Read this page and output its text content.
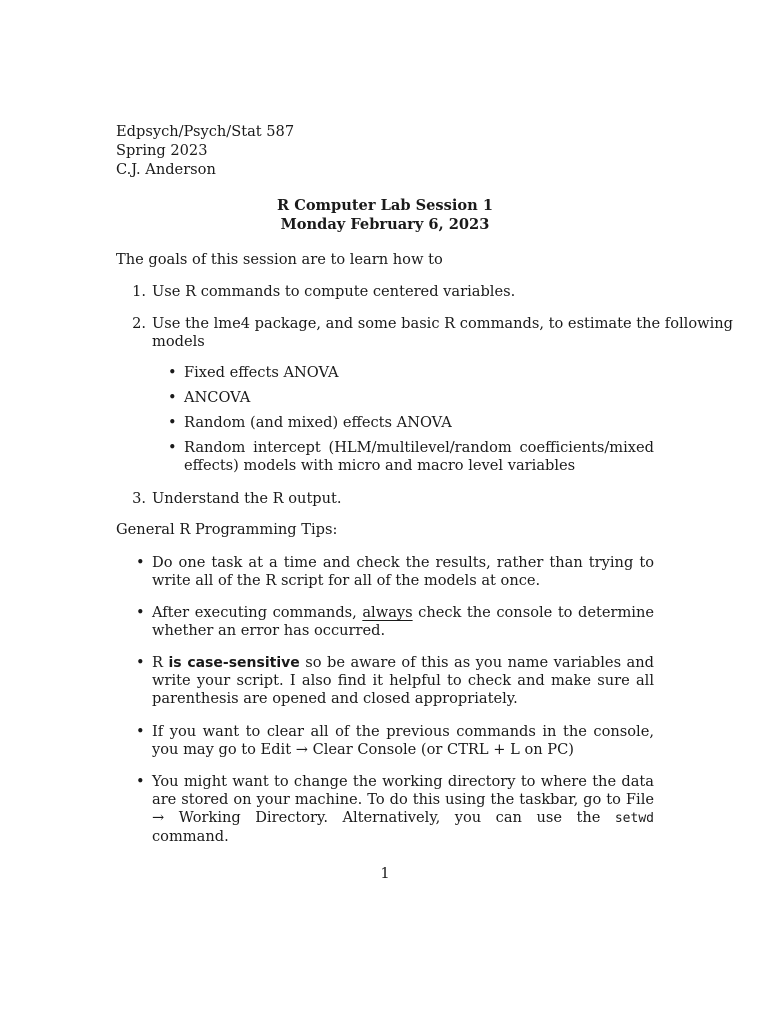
Edpsych/Psych/Stat 587
Spring 2023
C.J. Anderson
R Computer Lab Session 1
Monday February 6, 2023
The goals of this session are to learn how to
1. Use R commands to compute centered variables.
2. Use the lme4 package, and some basic R commands, to estimate the following
models
Fixed effects ANOVA
ANCOVA
Random (and mixed) effects ANOVA
Random intercept (HLM/multilevel/random coefficients/mixed effects) models with micro and macro level variables
3. Understand the R output.
General R Programming Tips:
Do one task at a time and check the results, rather than trying to write all of the R script for all of the models at once.
After executing commands, always check the console to determine whether an error has occurred.
R is case-sensitive so be aware of this as you name variables and write your script. I also find it helpful to check and make sure all parenthesis are opened and closed appropriately.
If you want to clear all of the previous commands in the console, you may go to Edit → Clear Console (or CTRL + L on PC)
You might want to change the working directory to where the data are stored on your machine. To do this using the taskbar, go to File → Working Directory. Alternatively, you can use the setwd command.
1
